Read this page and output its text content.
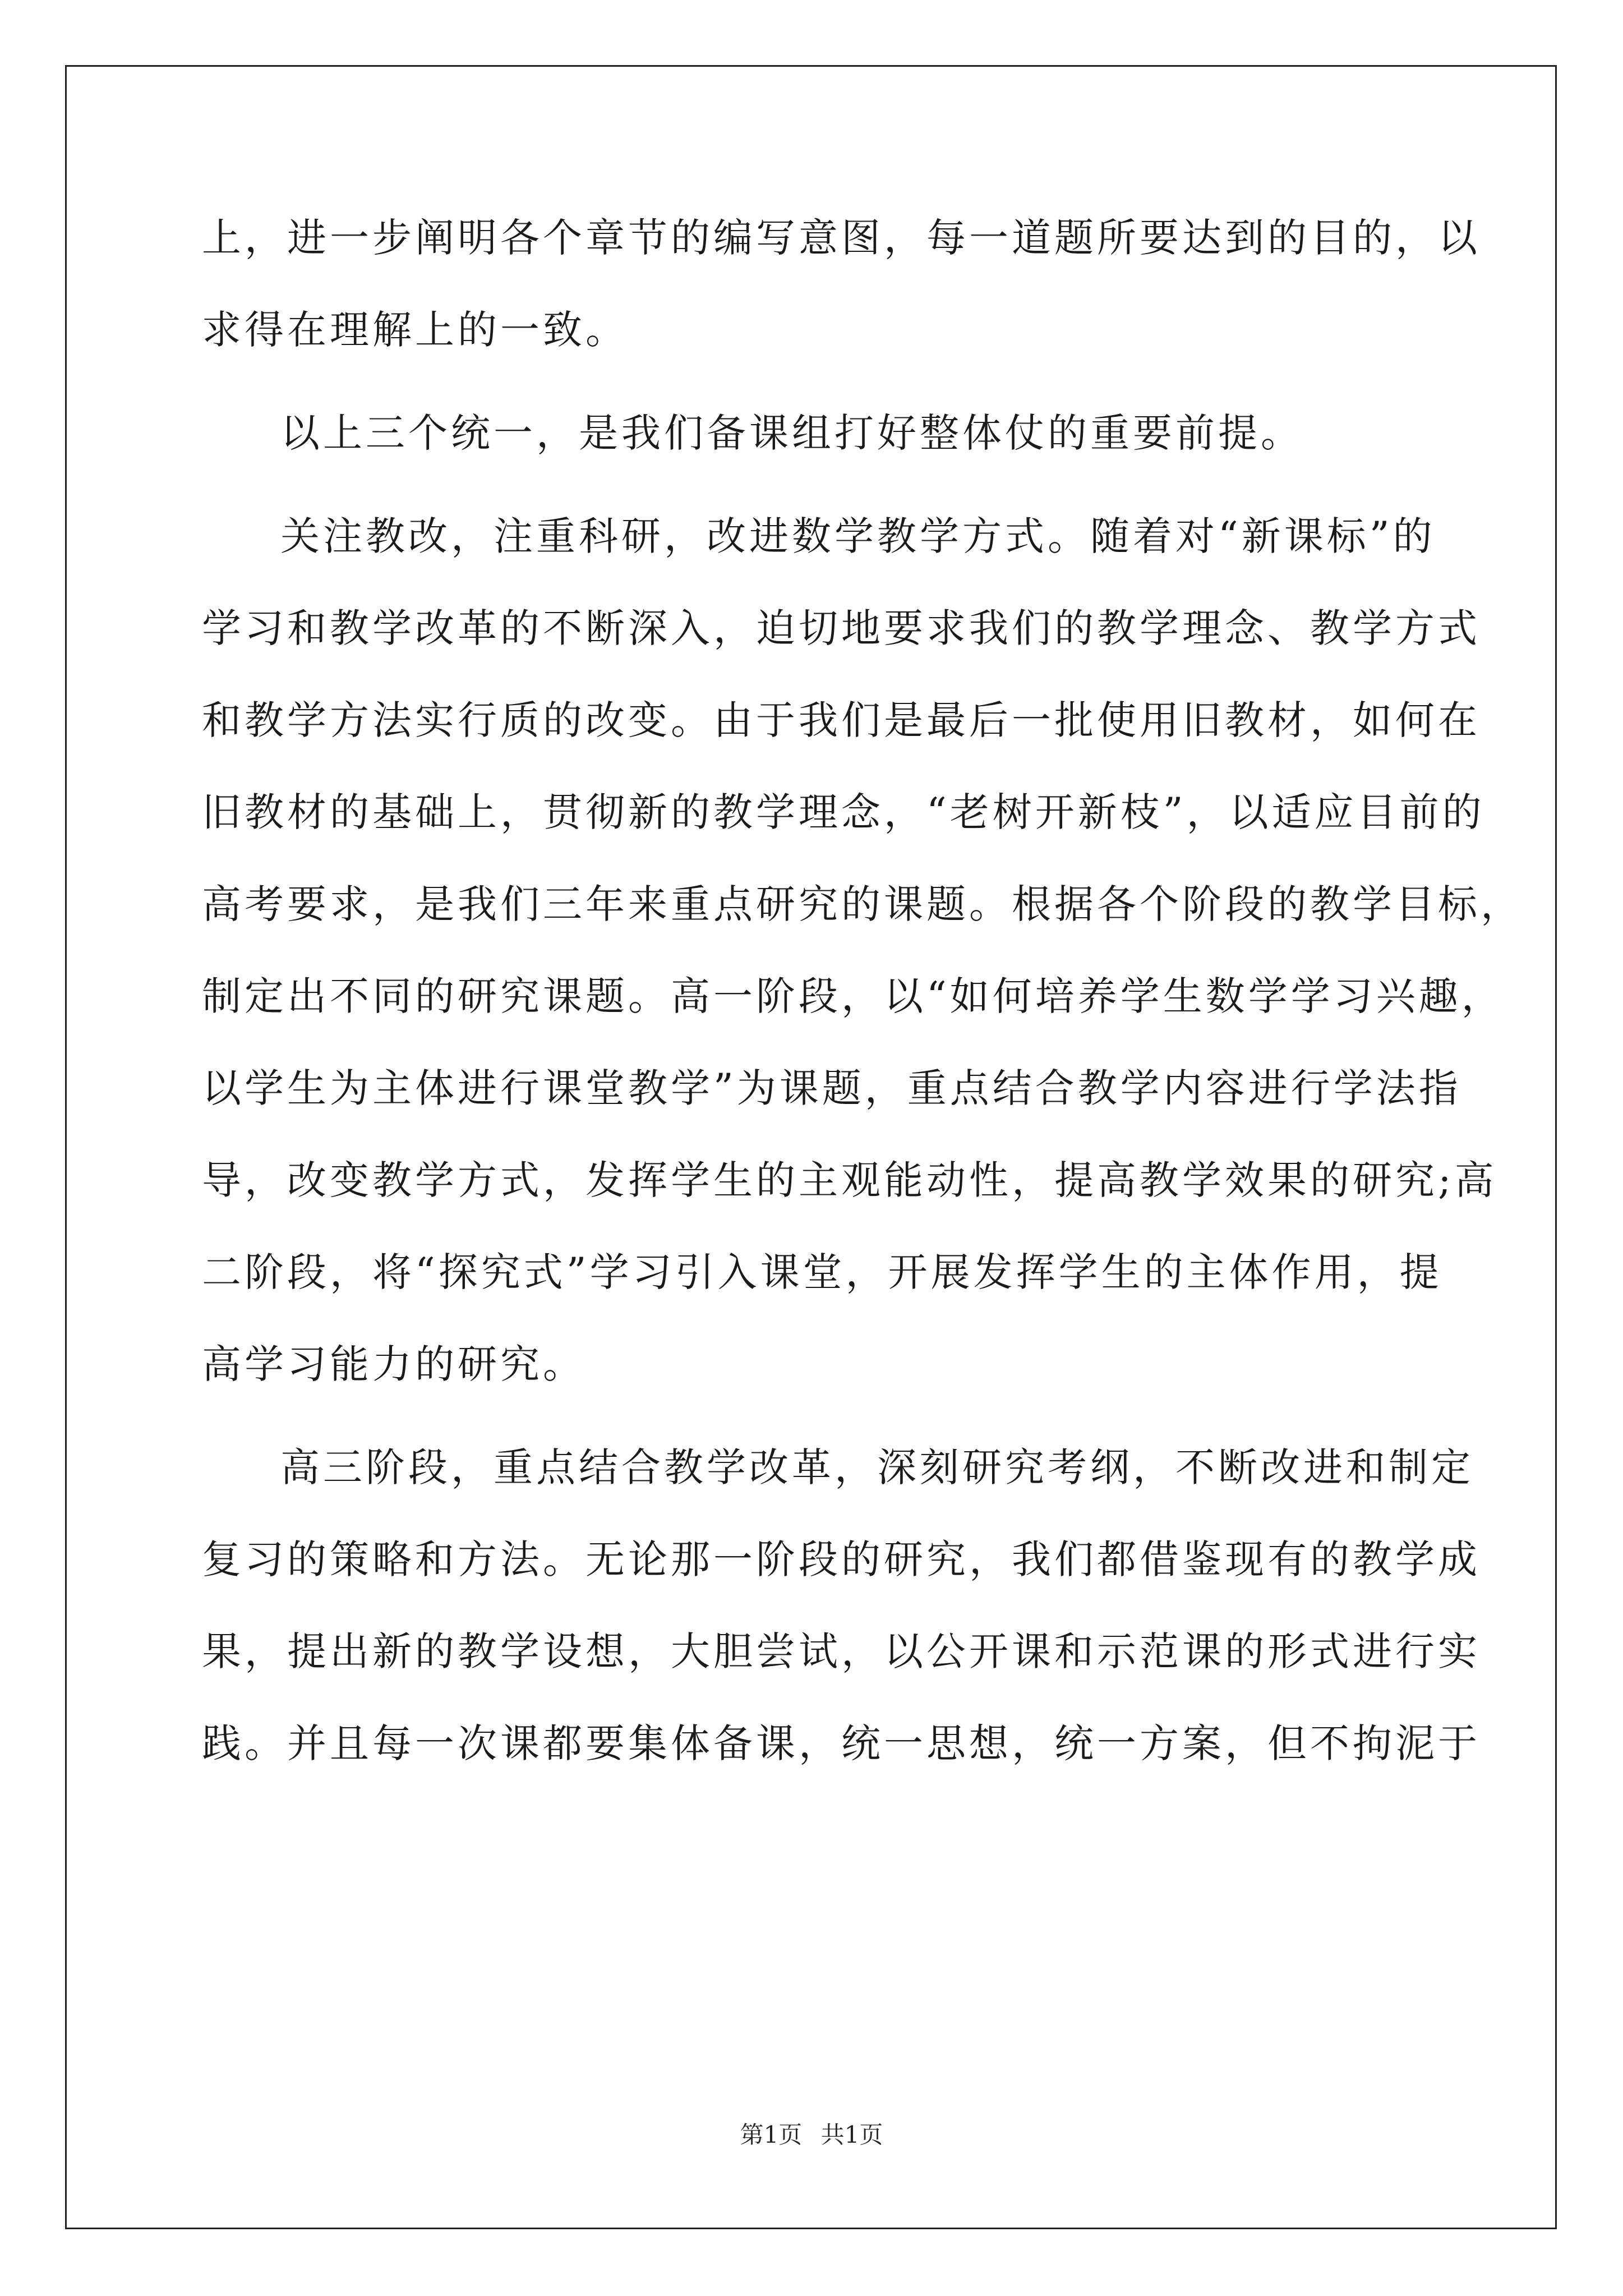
上，进一步阐明各个章节的编写意图，每一道题所要达到的目的，以
求得在理解上的一致。
以上三个统一，是我们备课组打好整体仗的重要前提。
关注教改，注重科研，改进数学教学方式。随着对“新课标”的
学习和教学改革的不断深入，迫切地要求我们的教学理念、教学方式
和教学方法实行质的改变。由于我们是最后一批使用旧教材，如何在
旧教材的基础上，贯彻新的教学理念，“老树开新枝”，以适应目前的
高考要求，是我们三年来重点研究的课题。根据各个阶段的教学目标，
制定出不同的研究课题。高一阶段，以“如何培养学生数学学习兴趣，
以学生为主体进行课堂教学”为课题，重点结合教学内容进行学法指
导，改变教学方式，发挥学生的主观能动性，提高教学效果的研究;高
二阶段，将“探究式”学习引入课堂，开展发挥学生的主体作用，提
高学习能力的研究。
高三阶段，重点结合教学改革，深刻研究考纲，不断改进和制定
复习的策略和方法。无论那一阶段的研究，我们都借鉴现有的教学成
果，提出新的教学设想，大胆尝试，以公开课和示范课的形式进行实
践。并且每一次课都要集体备课，统一思想，统一方案，但不拘泥于
第1页 共1页
